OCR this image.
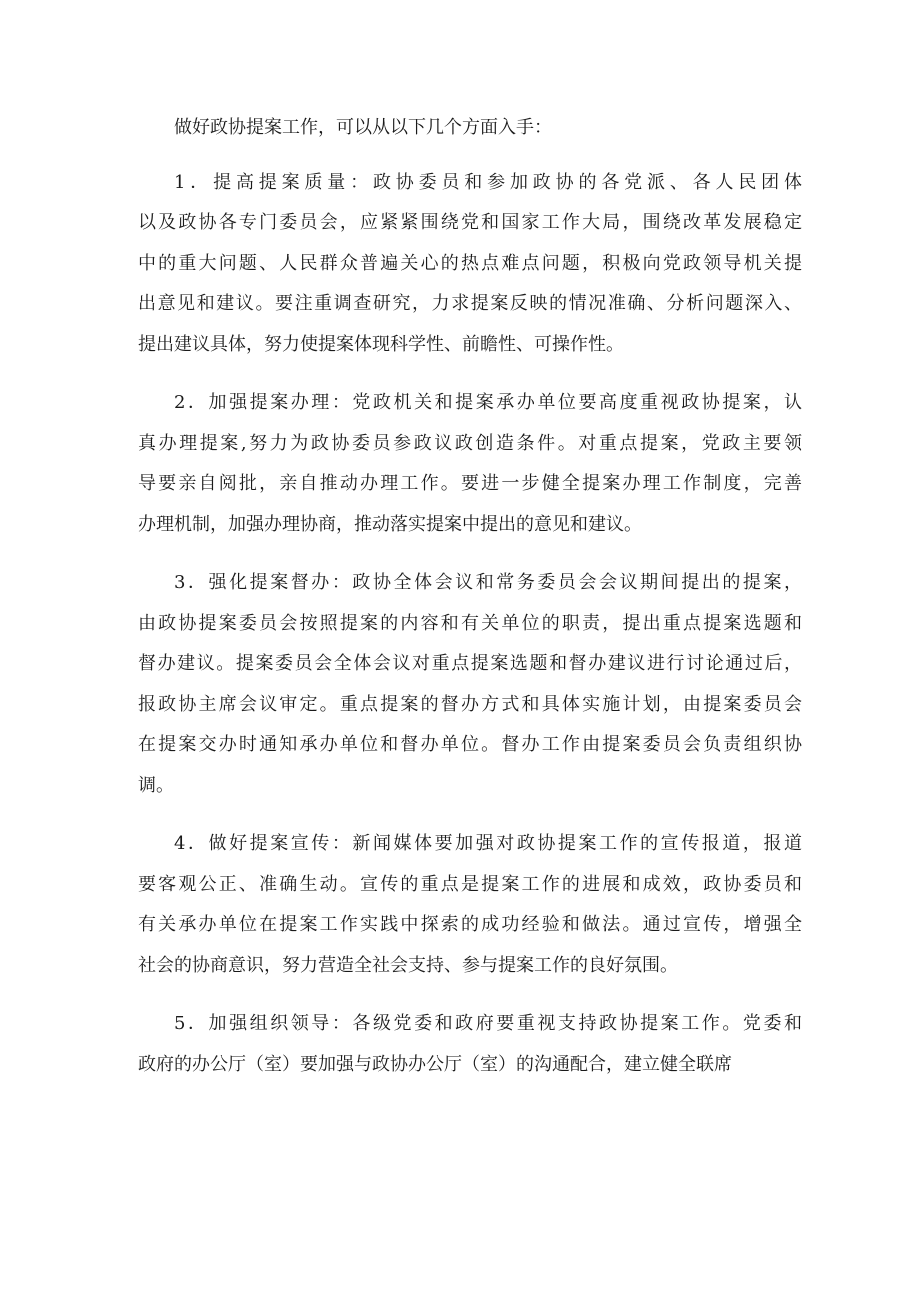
做好政协提案工作，可以从以下几个方面入手：
1．提高提案质量：政协委员和参加政协的各党派、各人民团体
以及政协各专门委员会，应紧紧围绕党和国家工作大局，围绕改革发展稳定
中的重大问题、人民群众普遍关心的热点难点问题，积极向党政领导机关提
出意见和建议。要注重调查研究，力求提案反映的情况准确、分析问题深入、
提出建议具体，努力使提案体现科学性、前瞻性、可操作性。
2．加强提案办理：党政机关和提案承办单位要高度重视政协提案，认
真办理提案,努力为政协委员参政议政创造条件。对重点提案，党政主要领
导要亲自阅批，亲自推动办理工作。要进一步健全提案办理工作制度，完善
办理机制，加强办理协商，推动落实提案中提出的意见和建议。
3．强化提案督办：政协全体会议和常务委员会会议期间提出的提案，
由政协提案委员会按照提案的内容和有关单位的职责，提出重点提案选题和
督办建议。提案委员会全体会议对重点提案选题和督办建议进行讨论通过后，
报政协主席会议审定。重点提案的督办方式和具体实施计划，由提案委员会
在提案交办时通知承办单位和督办单位。督办工作由提案委员会负责组织协
调。
4．做好提案宣传：新闻媒体要加强对政协提案工作的宣传报道，报道
要客观公正、准确生动。宣传的重点是提案工作的进展和成效，政协委员和
有关承办单位在提案工作实践中探索的成功经验和做法。通过宣传，增强全
社会的协商意识，努力营造全社会支持、参与提案工作的良好氛围。
5．加强组织领导：各级党委和政府要重视支持政协提案工作。党委和
政府的办公厅（室）要加强与政协办公厅（室）的沟通配合，建立健全联席
